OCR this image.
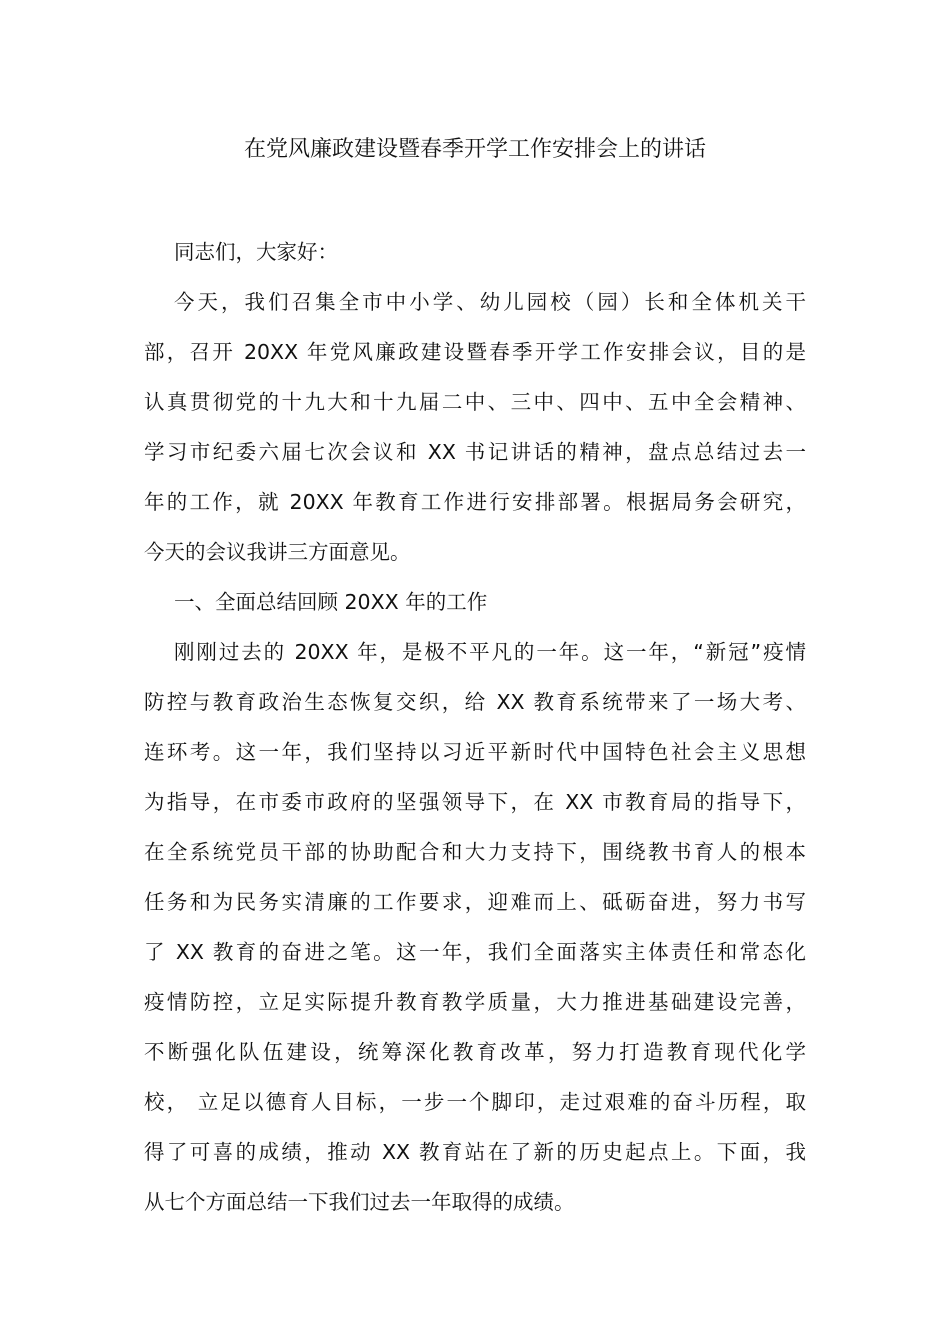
在党风廉政建设暨春季开学工作安排会上的讲话

同志们，大家好：

今天，我们召集全市中小学、幼儿园校（园）长和全体机关干
部，召开 20XX 年党风廉政建设暨春季开学工作安排会议，目的是
认真贯彻党的十九大和十九届二中、三中、四中、五中全会精神、
学习市纪委六届七次会议和 XX 书记讲话的精神，盘点总结过去一
年的工作，就 20XX 年教育工作进行安排部署。根据局务会研究，
今天的会议我讲三方面意见。

一、全面总结回顾 20XX 年的工作

刚刚过去的 20XX 年，是极不平凡的一年。这一年，“新冠”疫情
防控与教育政治生态恢复交织，给 XX 教育系统带来了一场大考、
连环考。这一年，我们坚持以习近平新时代中国特色社会主义思想
为指导，在市委市政府的坚强领导下，在 XX 市教育局的指导下，
在全系统党员干部的协助配合和大力支持下，围绕教书育人的根本
任务和为民务实清廉的工作要求，迎难而上、砥砺奋进，努力书写
了 XX 教育的奋进之笔。这一年，我们全面落实主体责任和常态化
疫情防控，立足实际提升教育教学质量，大力推进基础建设完善，
不断强化队伍建设，统筹深化教育改革，努力打造教育现代化学
校， 立足以德育人目标，一步一个脚印，走过艰难的奋斗历程，取
得了可喜的成绩，推动 XX 教育站在了新的历史起点上。下面，我
从七个方面总结一下我们过去一年取得的成绩。
